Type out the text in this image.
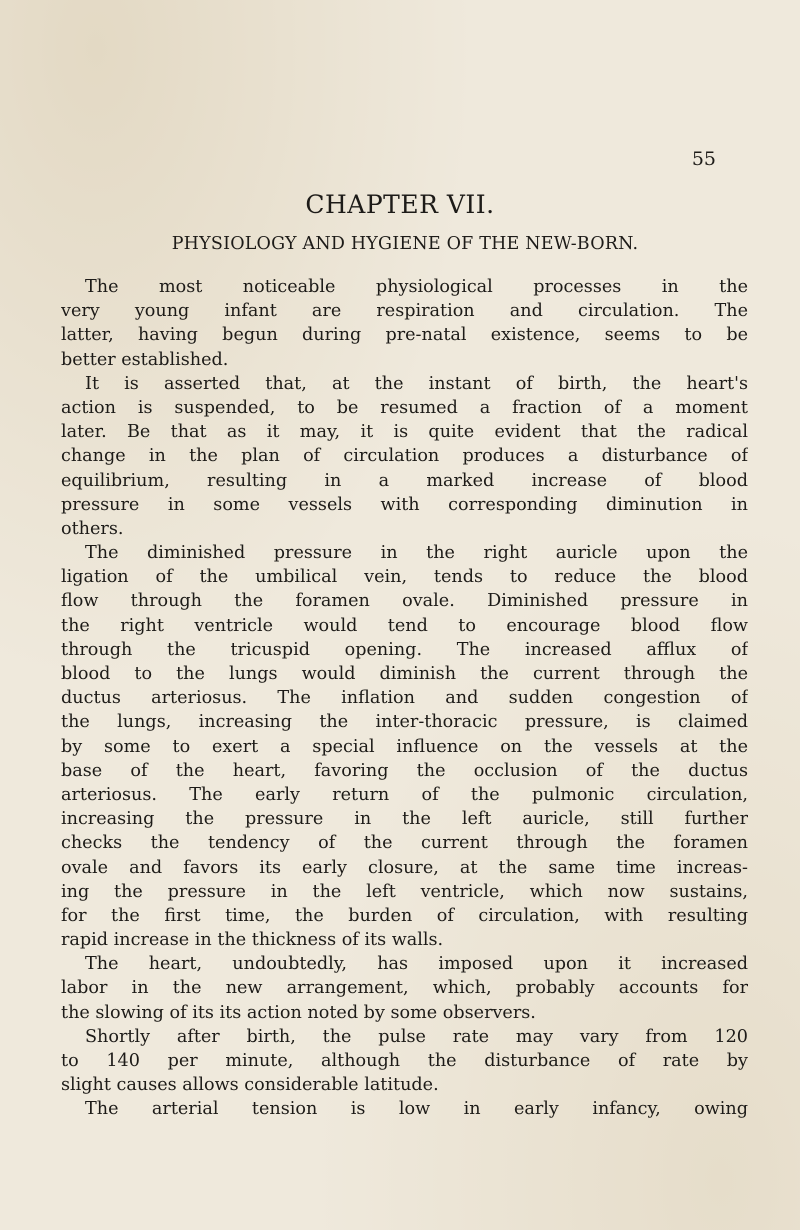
55
CHAPTER VII.
PHYSIOLOGY AND HYGIENE OF THE NEW-BORN.
The most noticeable physiological processes in the
very young infant are respiration and circulation. The
latter, having begun during pre-natal existence, seems to be
better established.
It is asserted that, at the instant of birth, the heart's
action is suspended, to be resumed a fraction of a moment
later. Be that as it may, it is quite evident that the radical
change in the plan of circulation produces a disturbance of
equilibrium, resulting in a marked increase of blood
pressure in some vessels with corresponding diminution in
others.
The diminished pressure in the right auricle upon the
ligation of the umbilical vein, tends to reduce the blood
flow through the foramen ovale. Diminished pressure in
the right ventricle would tend to encourage blood flow
through the tricuspid opening. The increased afflux of
blood to the lungs would diminish the current through the
ductus arteriosus. The inflation and sudden congestion of
the lungs, increasing the inter-thoracic pressure, is claimed
by some to exert a special influence on the vessels at the
base of the heart, favoring the occlusion of the ductus
arteriosus. The early return of the pulmonic circulation,
increasing the pressure in the left auricle, still further
checks the tendency of the current through the foramen
ovale and favors its early closure, at the same time increas-
ing the pressure in the left ventricle, which now sustains,
for the first time, the burden of circulation, with resulting
rapid increase in the thickness of its walls.
The heart, undoubtedly, has imposed upon it increased
labor in the new arrangement, which, probably accounts for
the slowing of its its action noted by some observers.
Shortly after birth, the pulse rate may vary from 120
to 140 per minute, although the disturbance of rate by
slight causes allows considerable latitude.
The arterial tension is low in early infancy, owing
